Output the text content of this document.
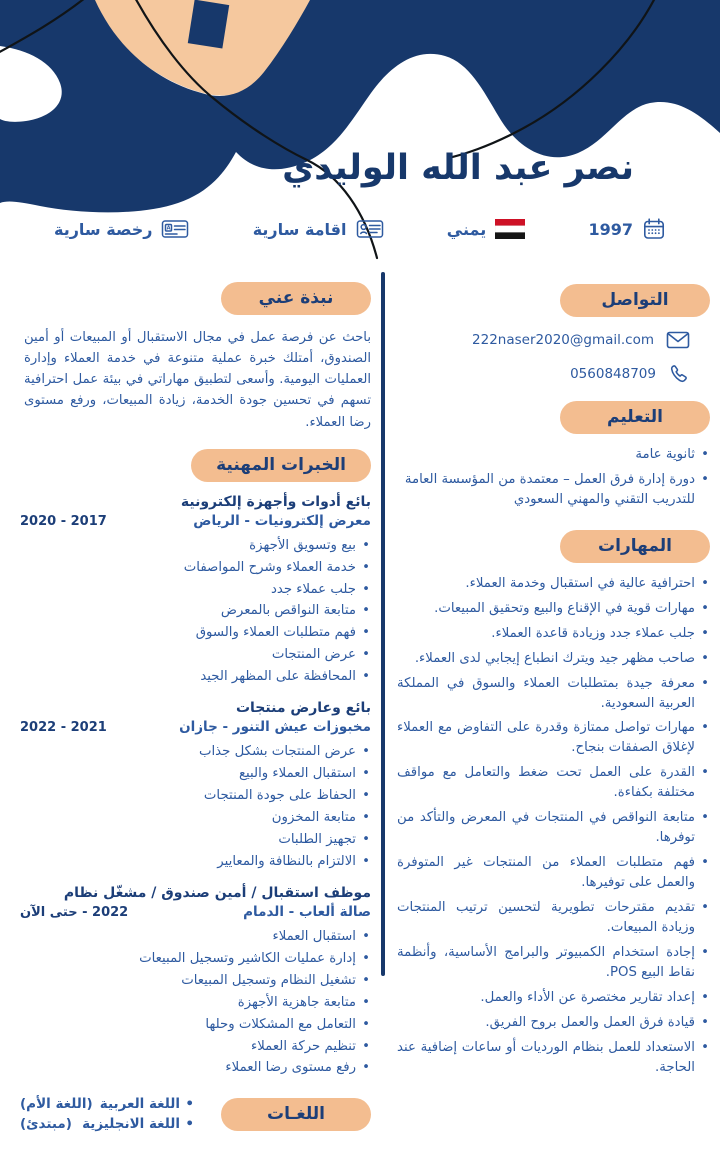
نصر عبد الله الوليدي
1997
يمني
اقامة سارية
A
رخصة سارية
التواصل
222naser2020@gmail.com
0560848709
التعليم
• ثانوية عامة
• دورة إدارة فرق العمل – معتمدة من المؤسسة العامة للتدريب التقني والمهني السعودي
المهارات
• احترافية عالية في استقبال وخدمة العملاء.
• مهارات قوية في الإقناع والبيع وتحقيق المبيعات.
• جلب عملاء جدد وزيادة قاعدة العملاء.
• صاحب مظهر جيد ويترك انطباع إيجابي لدى العملاء.
• معرفة جيدة بمتطلبات العملاء والسوق في المملكة العربية السعودية.
• مهارات تواصل ممتازة وقدرة على التفاوض مع العملاء لإغلاق الصفقات بنجاح.
• القدرة على العمل تحت ضغط والتعامل مع مواقف مختلفة بكفاءة.
• متابعة النواقص في المنتجات في المعرض والتأكد من توفرها.
• فهم متطلبات العملاء من المنتجات غير المتوفرة والعمل على توفيرها.
• تقديم مقترحات تطويرية لتحسين ترتيب المنتجات وزيادة المبيعات.
• إجادة استخدام الكمبيوتر والبرامج الأساسية، وأنظمة نقاط البيع POS.
• إعداد تقارير مختصرة عن الأداء والعمل.
• قيادة فرق العمل والعمل بروح الفريق.
• الاستعداد للعمل بنظام الورديات أو ساعات إضافية عند الحاجة.
نبذة عني

باحث عن فرصة عمل في مجال الاستقبال أو المبيعات أو أمين الصندوق، أمتلك خبرة عملية متنوعة في خدمة العملاء وإدارة العمليات اليومية. وأسعى لتطبيق مهاراتي في بيئة عمل احترافية تسهم في تحسين جودة الخدمة، زيادة المبيعات، ورفع مستوى رضا العملاء.

الخبرات المهنية
بائع أدوات وأجهزة إلكترونية
معرض إلكترونيات - الرياض
2017 - 2020
• بيع وتسويق الأجهزة
• خدمة العملاء وشرح المواصفات
• جلب عملاء جدد
• متابعة النواقص بالمعرض
• فهم متطلبات العملاء والسوق
• عرض المنتجات
• المحافظة على المظهر الجيد
بائع وعارض منتجات
مخبوزات عيش التنور - جازان
2021 - 2022
• عرض المنتجات بشكل جذاب
• استقبال العملاء والبيع
• الحفاظ على جودة المنتجات
• متابعة المخزون
• تجهيز الطلبات
• الالتزام بالنظافة والمعايير
موظف استقبال / أمين صندوق / مشغّل نظام
صالة ألعاب - الدمام
2022 - حتى الآن
• استقبال العملاء
• إدارة عمليات الكاشير وتسجيل المبيعات
• تشغيل النظام وتسجيل المبيعات
• متابعة جاهزية الأجهزة
• التعامل مع المشكلات وحلها
• تنظيم حركة العملاء
• رفع مستوى رضا العملاء
اللغـات
• اللغة العربية
(اللغة الأم)
• اللغة الانجليزية
(مبتدئ)
